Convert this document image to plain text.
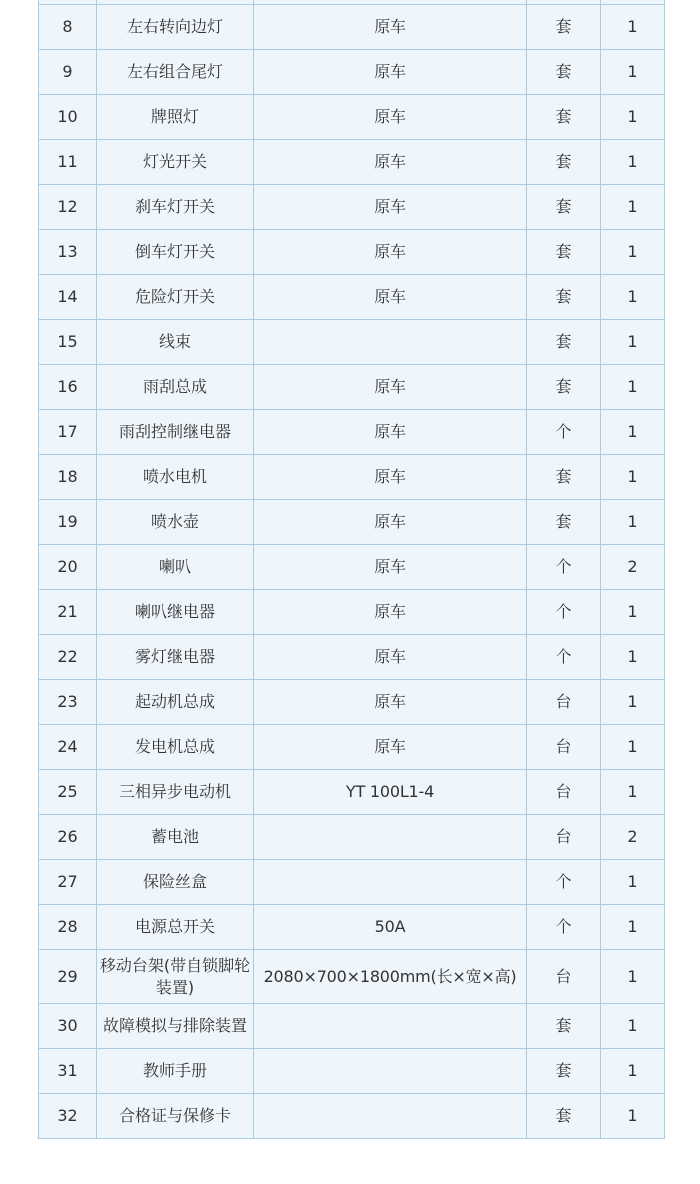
8	左右转向边灯	原车	套	1
9	左右组合尾灯	原车	套	1
10	牌照灯	原车	套	1
11	灯光开关	原车	套	1
12	刹车灯开关	原车	套	1
13	倒车灯开关	原车	套	1
14	危险灯开关	原车	套	1
15	线束		套	1
16	雨刮总成	原车	套	1
17	雨刮控制继电器	原车	个	1
18	喷水电机	原车	套	1
19	喷水壶	原车	套	1
20	喇叭	原车	个	2
21	喇叭继电器	原车	个	1
22	雾灯继电器	原车	个	1
23	起动机总成	原车	台	1
24	发电机总成	原车	台	1
25	三相异步电动机	YT 100L1-4	台	1
26	蓄电池		台	2
27	保险丝盒		个	1
28	电源总开关	50A	个	1
29	移动台架(带自锁脚轮装置)	2080×700×1800mm(长×宽×高)	台	1
30	故障模拟与排除装置		套	1
31	教师手册		套	1
32	合格证与保修卡		套	1
